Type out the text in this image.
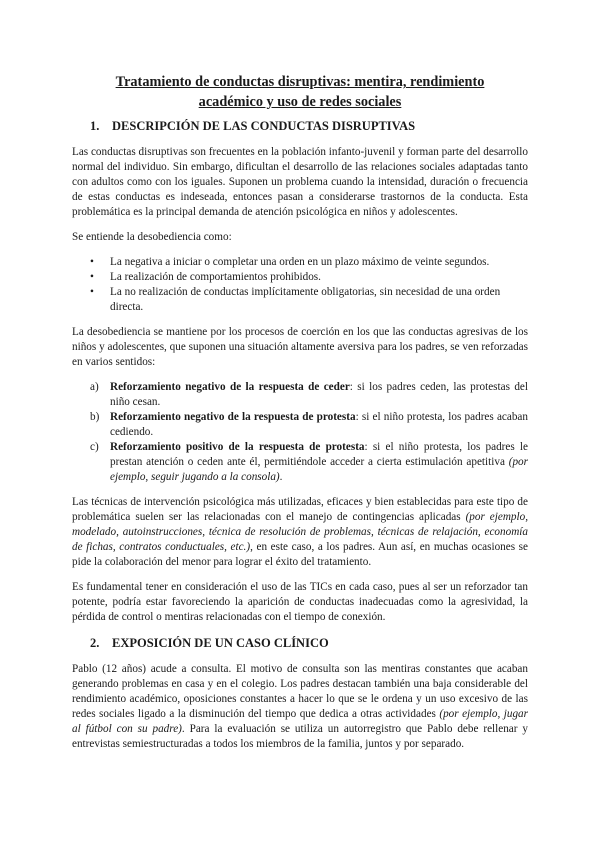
Tratamiento de conductas disruptivas: mentira, rendimiento
académico y uso de redes sociales
1.	DESCRIPCIÓN DE LAS CONDUCTAS DISRUPTIVAS

Las conductas disruptivas son frecuentes en la población infanto-juvenil y forman parte del desarrollo normal del individuo. Sin embargo, dificultan el desarrollo de las relaciones sociales adaptadas tanto con adultos como con los iguales. Suponen un problema cuando la intensidad, duración o frecuencia de estas conductas es indeseada, entonces pasan a considerarse trastornos de la conducta. Esta problemática es la principal demanda de atención psicológica en niños y adolescentes.

Se entiende la desobediencia como:

•	La negativa a iniciar o completar una orden en un plazo máximo de veinte segundos.
•	La realización de comportamientos prohibidos.
•	La no realización de conductas implícitamente obligatorias, sin necesidad de una orden directa.

La desobediencia se mantiene por los procesos de coerción en los que las conductas agresivas de los niños y adolescentes, que suponen una situación altamente aversiva para los padres, se ven reforzadas en varios sentidos:

a)	Reforzamiento negativo de la respuesta de ceder: si los padres ceden, las protestas del niño cesan.
b) Reforzamiento negativo de la respuesta de protesta: si el niño protesta, los padres acaban cediendo.
c)	Reforzamiento positivo de la respuesta de protesta: si el niño protesta, los padres le prestan atención o ceden ante él, permitiéndole acceder a cierta estimulación apetitiva (por ejemplo, seguir jugando a la consola).

Las técnicas de intervención psicológica más utilizadas, eficaces y bien establecidas para este tipo de problemática suelen ser las relacionadas con el manejo de contingencias aplicadas (por ejemplo, modelado, autoinstrucciones, técnica de resolución de problemas, técnicas de relajación, economía de fichas, contratos conductuales, etc.), en este caso, a los padres. Aun así, en muchas ocasiones se pide la colaboración del menor para lograr el éxito del tratamiento.

Es fundamental tener en consideración el uso de las TICs en cada caso, pues al ser un reforzador tan potente, podría estar favoreciendo la aparición de conductas inadecuadas como la agresividad, la pérdida de control o mentiras relacionadas con el tiempo de conexión.

2.	EXPOSICIÓN DE UN CASO CLÍNICO

Pablo (12 años) acude a consulta. El motivo de consulta son las mentiras constantes que acaban generando problemas en casa y en el colegio. Los padres destacan también una baja considerable del rendimiento académico, oposiciones constantes a hacer lo que se le ordena y un uso excesivo de las redes sociales ligado a la disminución del tiempo que dedica a otras actividades (por ejemplo, jugar al fútbol con su padre). Para la evaluación se utiliza un autorregistro que Pablo debe rellenar y entrevistas semiestructuradas a todos los miembros de la familia, juntos y por separado.
